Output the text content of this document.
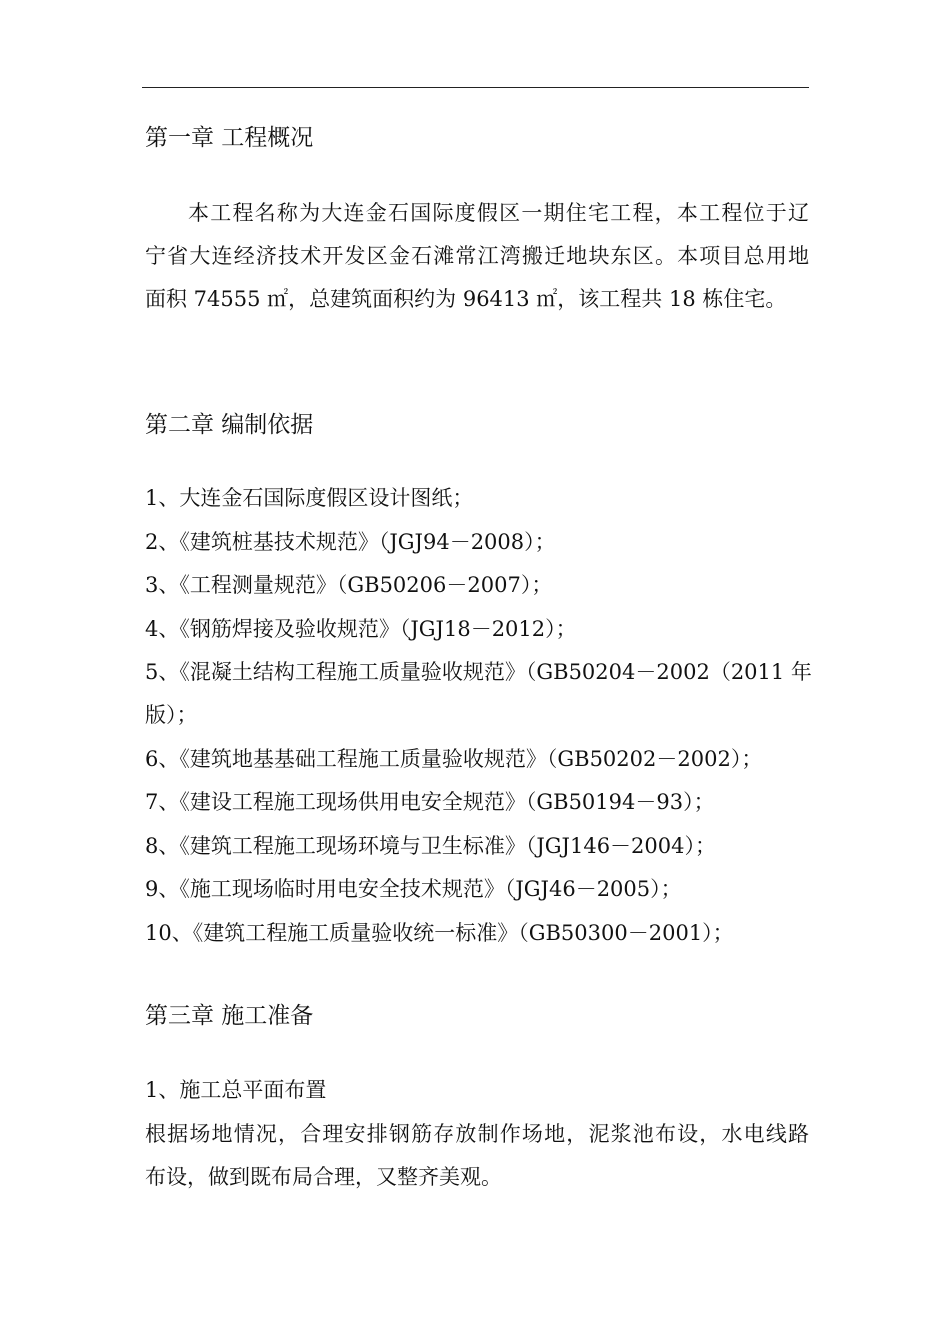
第一章 工程概况
本工程名称为大连金石国际度假区一期住宅工程，本工程位于辽
宁省大连经济技术开发区金石滩常江湾搬迁地块东区。本项目总用地
面积 74555 ㎡，总建筑面积约为 96413 ㎡，该工程共 18 栋住宅。
第二章 编制依据
1、大连金石国际度假区设计图纸；
2、《建筑桩基技术规范》（JGJ94－2008）；
3、《工程测量规范》（GB50206－2007）；
4、《钢筋焊接及验收规范》（JGJ18－2012）；
5、《混凝土结构工程施工质量验收规范》（GB50204－2002（2011 年
版）；
6、《建筑地基基础工程施工质量验收规范》（GB50202－2002）；
7、《建设工程施工现场供用电安全规范》（GB50194－93）；
8、《建筑工程施工现场环境与卫生标准》（JGJ146－2004）；
9、《施工现场临时用电安全技术规范》（JGJ46－2005）；
10、《建筑工程施工质量验收统一标准》（GB50300－2001）；
第三章 施工准备
1、施工总平面布置
根据场地情况，合理安排钢筋存放制作场地，泥浆池布设，水电线路
布设，做到既布局合理，又整齐美观。
